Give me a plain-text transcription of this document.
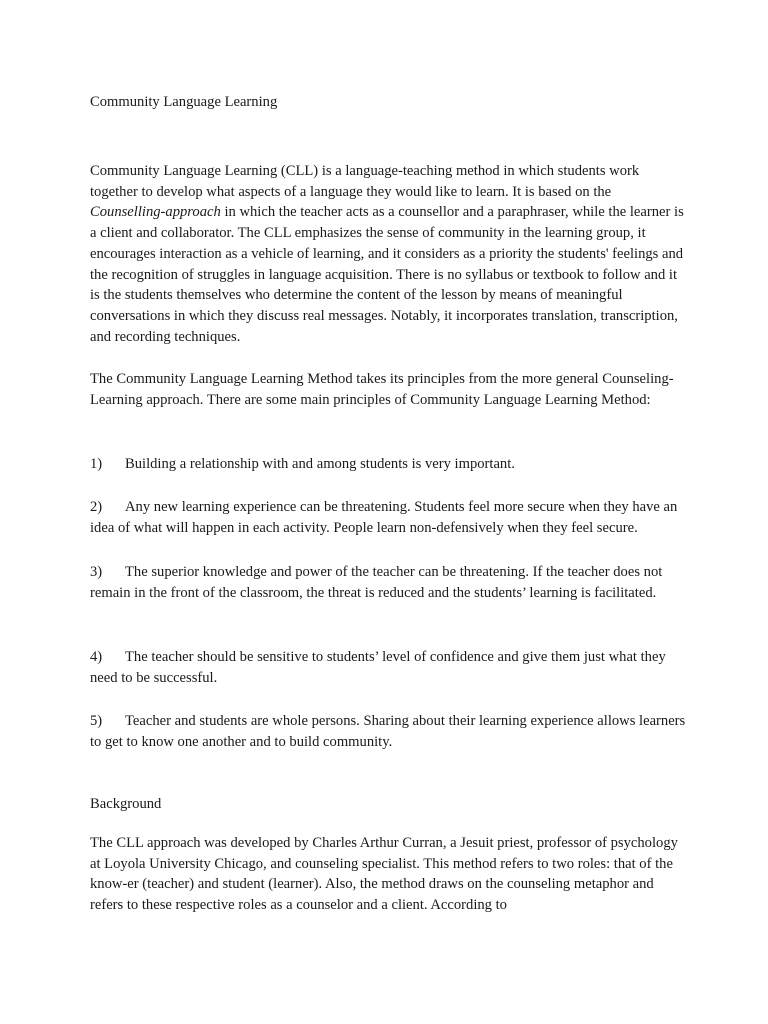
Community Language Learning

Community Language Learning (CLL) is a language-teaching method in which students work together to develop what aspects of a language they would like to learn. It is based on the Counselling-approach in which the teacher acts as a counsellor and a paraphraser, while the learner is a client and collaborator. The CLL emphasizes the sense of community in the learning group, it encourages interaction as a vehicle of learning, and it considers as a priority the students' feelings and the recognition of struggles in language acquisition. There is no syllabus or textbook to follow and it is the students themselves who determine the content of the lesson by means of meaningful conversations in which they discuss real messages. Notably, it incorporates translation, transcription, and recording techniques.

The Community Language Learning Method takes its principles from the more general Counseling-Learning approach. There are some main principles of Community Language Learning Method:

1) Building a relationship with and among students is very important.

2) Any new learning experience can be threatening. Students feel more secure when they have an idea of what will happen in each activity. People learn non-defensively when they feel secure.

3) The superior knowledge and power of the teacher can be threatening. If the teacher does not remain in the front of the classroom, the threat is reduced and the students’ learning is facilitated.

4) The teacher should be sensitive to students’ level of confidence and give them just what they need to be successful.

5) Teacher and students are whole persons. Sharing about their learning experience allows learners to get to know one another and to build community.

Background

The CLL approach was developed by Charles Arthur Curran, a Jesuit priest, professor of psychology at Loyola University Chicago, and counseling specialist. This method refers to two roles: that of the know-er (teacher) and student (learner). Also, the method draws on the counseling metaphor and refers to these respective roles as a counselor and a client. According to
